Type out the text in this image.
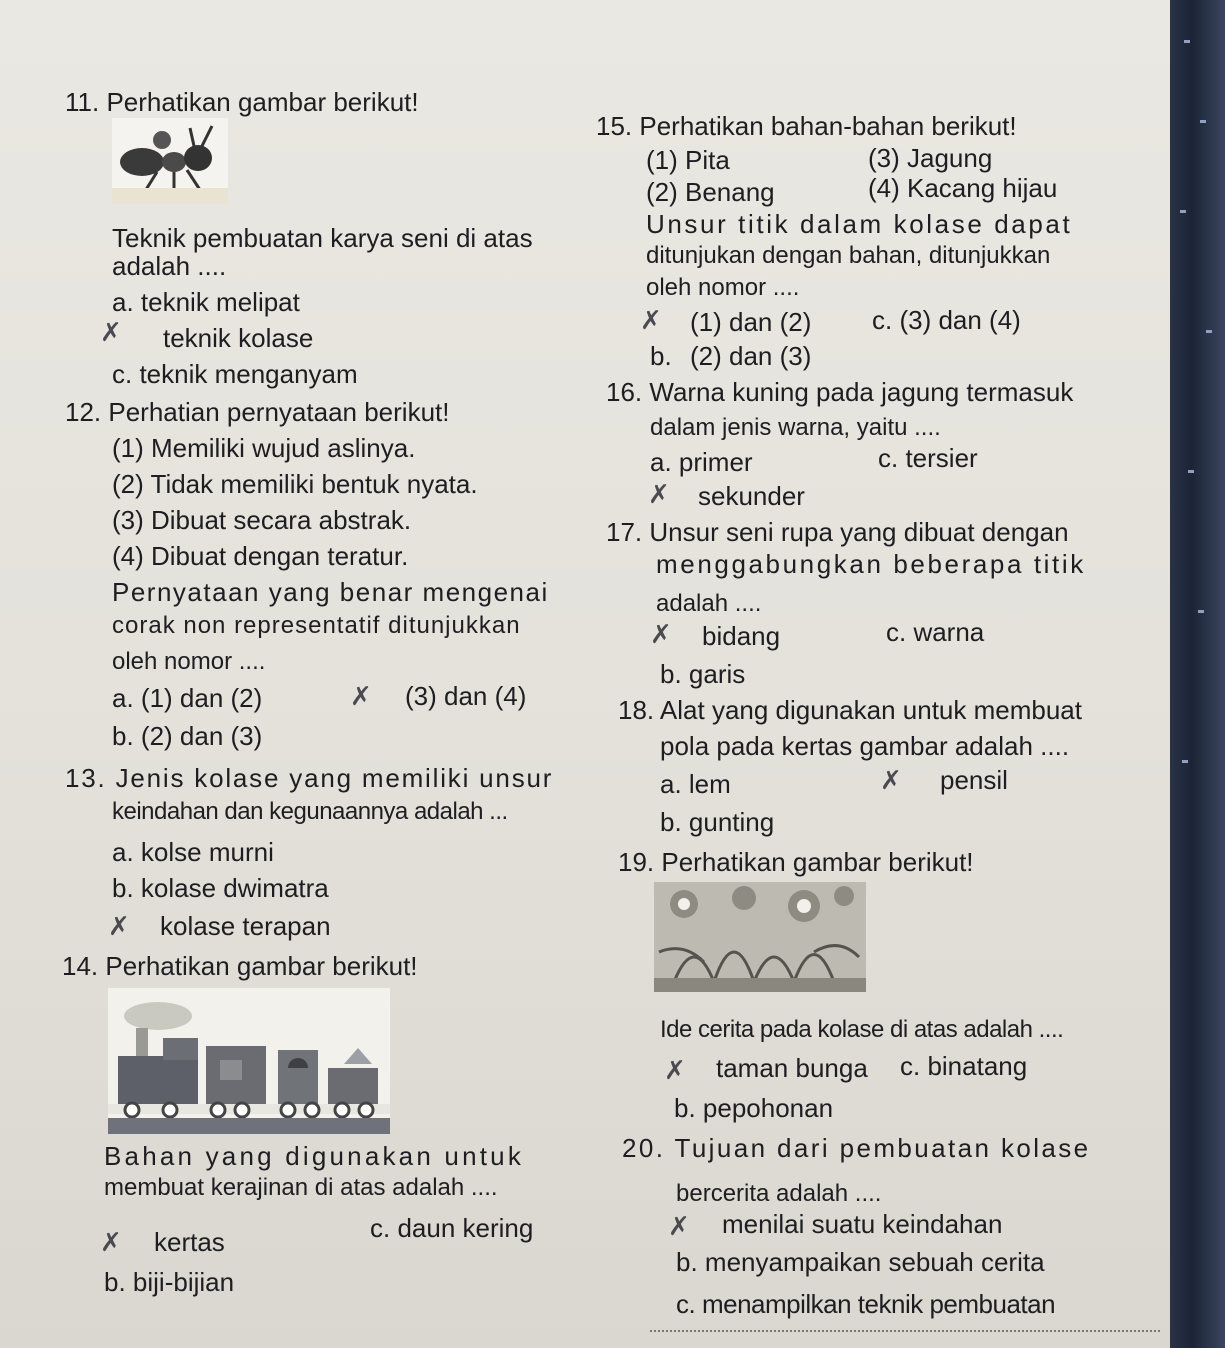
11. Perhatikan gambar berikut!
Teknik pembuatan karya seni di atas
adalah ....
a. teknik melipat
✗ teknik kolase
c. teknik menganyam
12. Perhatian pernyataan berikut!
(1) Memiliki wujud aslinya.
(2) Tidak memiliki bentuk nyata.
(3) Dibuat secara abstrak.
(4) Dibuat dengan teratur.
Pernyataan yang benar mengenai
corak non representatif ditunjukkan
oleh nomor ....
a. (1) dan (2)	✗ (3) dan (4)
b. (2) dan (3)
13. Jenis kolase yang memiliki unsur
keindahan dan kegunaannya adalah ...
a. kolse murni
b. kolase dwimatra
✗ kolase terapan
14. Perhatikan gambar berikut!
Bahan yang digunakan untuk
membuat kerajinan di atas adalah ....
✗ kertas	c. daun kering
b. biji-bijian
15. Perhatikan bahan-bahan berikut!
(1) Pita	(3) Jagung
(2) Benang	(4) Kacang hijau
Unsur titik dalam kolase dapat
ditunjukan dengan bahan, ditunjukkan
oleh nomor ....
✗ (1) dan (2) c. (3) dan (4)
b. (2) dan (3)
16. Warna kuning pada jagung termasuk
dalam jenis warna, yaitu ....
a. primer	c. tersier
✗ sekunder
17. Unsur seni rupa yang dibuat dengan
menggabungkan beberapa titik
adalah ....
✗ bidang	c. warna
b. garis
18. Alat yang digunakan untuk membuat
pola pada kertas gambar adalah ....
a. lem	✗ pensil
b. gunting
19. Perhatikan gambar berikut!
Ide cerita pada kolase di atas adalah ....
✗ taman bunga c. binatang
b. pepohonan
20. Tujuan dari pembuatan kolase
bercerita adalah ....
✗ menilai suatu keindahan
b. menyampaikan sebuah cerita
c. menampilkan teknik pembuatan
